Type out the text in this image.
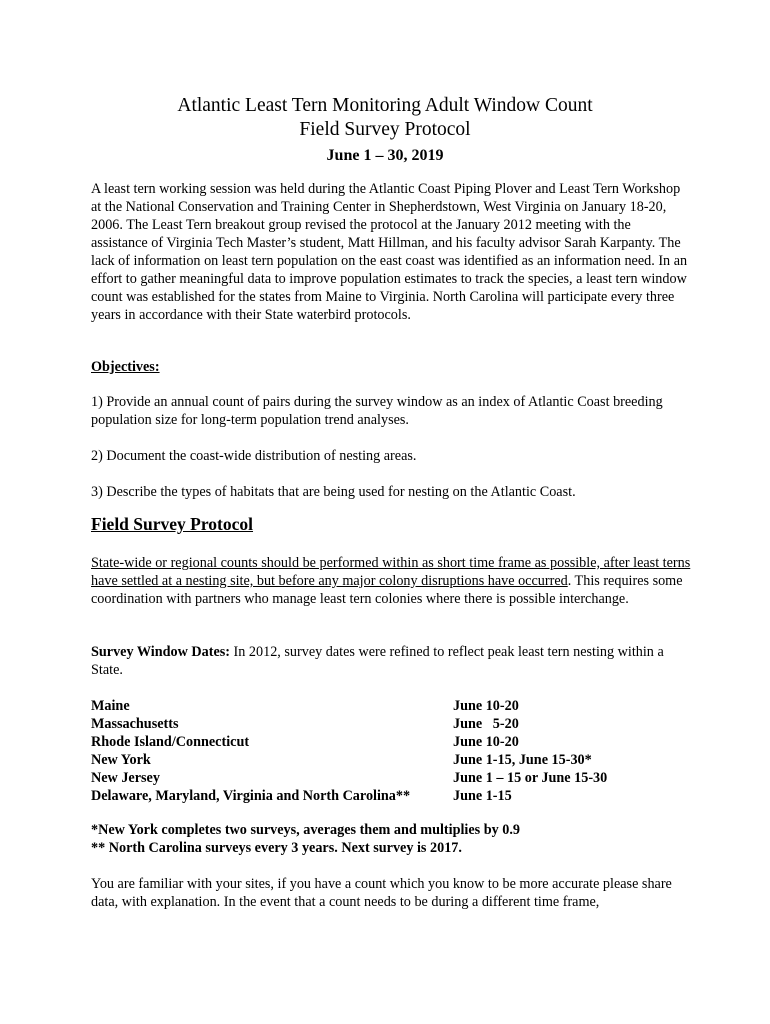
Atlantic Least Tern Monitoring Adult Window Count
Field Survey Protocol
June 1 – 30, 2019

A least tern working session was held during the Atlantic Coast Piping Plover and Least Tern Workshop at the National Conservation and Training Center in Shepherdstown, West Virginia on January 18-20, 2006. The Least Tern breakout group revised the protocol at the January 2012 meeting with the assistance of Virginia Tech Master’s student, Matt Hillman, and his faculty advisor Sarah Karpanty. The lack of information on least tern population on the east coast was identified as an information need. In an effort to gather meaningful data to improve population estimates to track the species, a least tern window count was established for the states from Maine to Virginia. North Carolina will participate every three years in accordance with their State waterbird protocols.

Objectives:

1) Provide an annual count of pairs during the survey window as an index of Atlantic Coast breeding population size for long-term population trend analyses.

2) Document the coast-wide distribution of nesting areas.

3) Describe the types of habitats that are being used for nesting on the Atlantic Coast.

Field Survey Protocol

State-wide or regional counts should be performed within as short time frame as possible, after least terns have settled at a nesting site, but before any major colony disruptions have occurred. This requires some coordination with partners who manage least tern colonies where there is possible interchange.

Survey Window Dates: In 2012, survey dates were refined to reflect peak least tern nesting within a State.

Maine	June 10-20
Massachusetts	June   5-20
Rhode Island/Connecticut	June 10-20
New York	June 1-15, June 15-30*
New Jersey	June 1 – 15 or June 15-30
Delaware, Maryland, Virginia and North Carolina**	June 1-15

*New York completes two surveys, averages them and multiplies by 0.9

** North Carolina surveys every 3 years. Next survey is 2017.

You are familiar with your sites, if you have a count which you know to be more accurate please share data, with explanation. In the event that a count needs to be during a different time frame,
